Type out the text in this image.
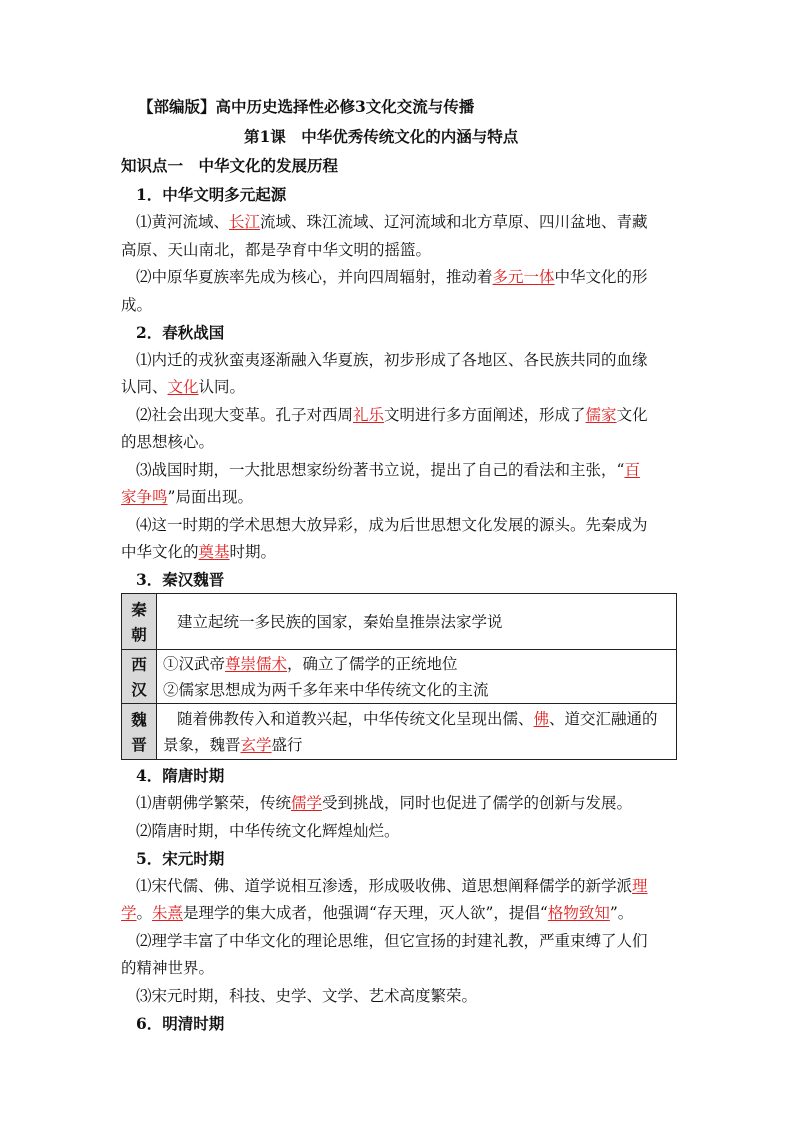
【部编版】高中历史选择性必修3文化交流与传播
第1课　中华优秀传统文化的内涵与特点
知识点一　中华文化的发展历程
1．中华文明多元起源
⑴黄河流域、长江流域、珠江流域、辽河流域和北方草原、四川盆地、青藏
高原、天山南北，都是孕育中华文明的摇篮。
⑵中原华夏族率先成为核心，并向四周辐射，推动着多元一体中华文化的形
成。
2．春秋战国
⑴内迁的戎狄蛮夷逐渐融入华夏族，初步形成了各地区、各民族共同的血缘
认同、文化认同。
⑵社会出现大变革。孔子对西周礼乐文明进行多方面阐述，形成了儒家文化
的思想核心。
⑶战国时期，一大批思想家纷纷著书立说，提出了自己的看法和主张，“百
家争鸣”局面出现。
⑷这一时期的学术思想大放异彩，成为后世思想文化发展的源头。先秦成为
中华文化的奠基时期。
3．秦汉魏晋
秦
朝	建立起统一多民族的国家，秦始皇推崇法家学说

西
汉	①汉武帝尊崇儒术，确立了儒学的正统地位
②儒家思想成为两千多年来中华传统文化的主流

魏
晋	随着佛教传入和道教兴起，中华传统文化呈现出儒、佛、道交汇融通的
景象，魏晋玄学盛行
4．隋唐时期
⑴唐朝佛学繁荣，传统儒学受到挑战，同时也促进了儒学的创新与发展。
⑵隋唐时期，中华传统文化辉煌灿烂。
5．宋元时期
⑴宋代儒、佛、道学说相互渗透，形成吸收佛、道思想阐释儒学的新学派理
学。朱熹是理学的集大成者，他强调“存天理，灭人欲”，提倡“格物致知”。
⑵理学丰富了中华文化的理论思维，但它宣扬的封建礼教，严重束缚了人们
的精神世界。
⑶宋元时期，科技、史学、文学、艺术高度繁荣。
6．明清时期
